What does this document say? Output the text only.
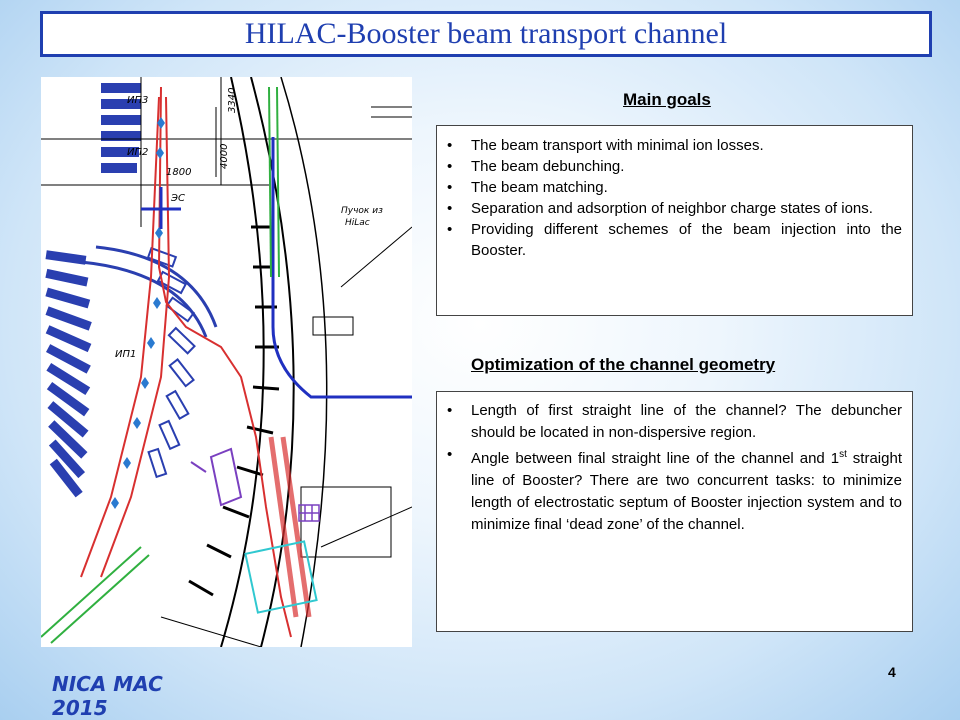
HILAC-Booster beam transport channel
ИП3
ИП2
ЭС
ИП1
1800
Пучок из
HiLac
3340
4000
Main goals
• The beam transport with minimal ion losses.
• The beam debunching.
• The beam matching.
• Separation and adsorption of neighbor charge states of ions.
• Providing different schemes of the beam injection into the Booster.
Optimization of the channel geometry
• Length of first straight line of the channel? The debuncher should be located in non-dispersive region.
• Angle between final straight line of the channel and 1st straight line of Booster? There are two concurrent tasks: to minimize length of electrostatic septum of Booster injection system and to minimize final ‘dead zone’ of the channel.
NICA MAC
2015
4
